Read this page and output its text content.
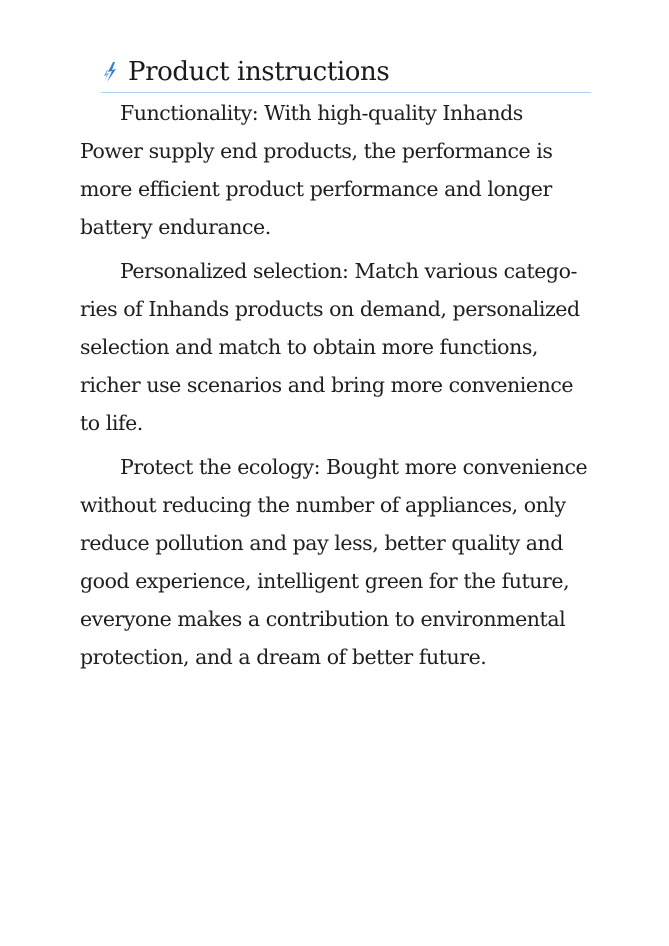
Product instructions

Functionality: With high-quality Inhands
Power supply end products, the performance is
more efficient product performance and longer
battery endurance.

Personalized selection: Match various catego-
ries of Inhands products on demand, personalized
selection and match to obtain more functions,
richer use scenarios and bring more convenience
to life.

Protect the ecology: Bought more convenience
without reducing the number of appliances, only
reduce pollution and pay less, better quality and
good experience, intelligent green for the future,
everyone makes a contribution to environmental
protection, and a dream of better future.
